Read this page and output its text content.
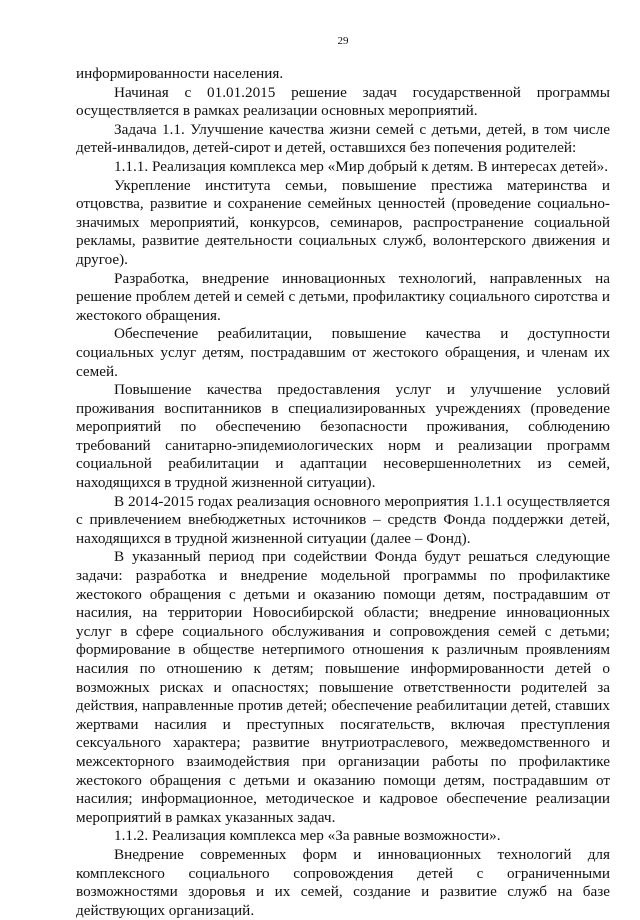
29

информированности населения.

Начиная с 01.01.2015 решение задач государственной программы осуществляется в рамках реализации основных мероприятий.

Задача 1.1. Улучшение качества жизни семей с детьми, детей, в том числе детей-инвалидов, детей-сирот и детей, оставшихся без попечения родителей:

1.1.1. Реализация комплекса мер «Мир добрый к детям. В интересах детей».

Укрепление института семьи, повышение престижа материнства и отцовства, развитие и сохранение семейных ценностей (проведение социально-значимых мероприятий, конкурсов, семинаров, распространение социальной рекламы, развитие деятельности социальных служб, волонтерского движения и другое).

Разработка, внедрение инновационных технологий, направленных на решение проблем детей и семей с детьми, профилактику социального сиротства и жестокого обращения.

Обеспечение реабилитации, повышение качества и доступности социальных услуг детям, пострадавшим от жестокого обращения, и членам их семей.

Повышение качества предоставления услуг и улучшение условий проживания воспитанников в специализированных учреждениях (проведение мероприятий по обеспечению безопасности проживания, соблюдению требований санитарно-эпидемиологических норм и реализации программ социальной реабилитации и адаптации несовершеннолетних из семей, находящихся в трудной жизненной ситуации).

В 2014-2015 годах реализация основного мероприятия 1.1.1 осуществляется с привлечением внебюджетных источников – средств Фонда поддержки детей, находящихся в трудной жизненной ситуации (далее – Фонд).

В указанный период при содействии Фонда будут решаться следующие задачи: разработка и внедрение модельной программы по профилактике жестокого обращения с детьми и оказанию помощи детям, пострадавшим от насилия, на территории Новосибирской области; внедрение инновационных услуг в сфере социального обслуживания и сопровождения семей с детьми; формирование в обществе нетерпимого отношения к различным проявлениям насилия по отношению к детям; повышение информированности детей о возможных рисках и опасностях; повышение ответственности родителей за действия, направленные против детей; обеспечение реабилитации детей, ставших жертвами насилия и преступных посягательств, включая преступления сексуального характера; развитие внутриотраслевого, межведомственного и межсекторного взаимодействия при организации работы по профилактике жестокого обращения с детьми и оказанию помощи детям, пострадавшим от насилия; информационное, методическое и кадровое обеспечение реализации мероприятий в рамках указанных задач.

1.1.2. Реализация комплекса мер «За равные возможности».

Внедрение современных форм и инновационных технологий для комплексного социального сопровождения детей с ограниченными возможностями здоровья и их семей, создание и развитие служб на базе действующих организаций.
